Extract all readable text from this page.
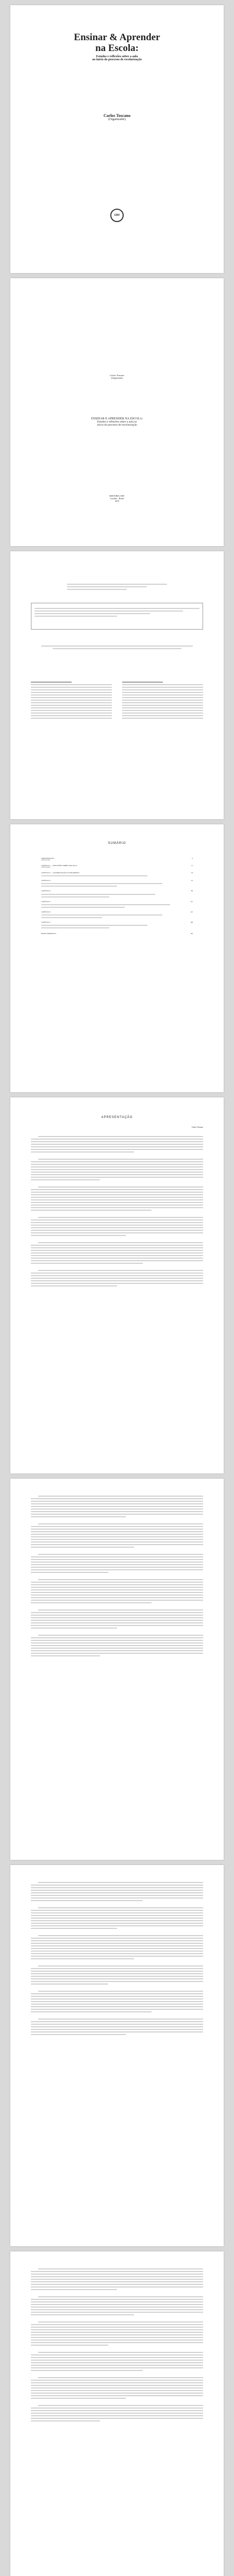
Ensinar & Aprender
na Escola:
Estudos e reflexões sobre a aula
no início do processo de escolarização
Carlos Toscano
(Organizador)
CRV
Carlos Toscano
(Organizador)
ENSINAR E APRENDER NA ESCOLA:
Estudos e reflexões sobre a aula no
início do processo de escolarização
EDITORA CRV
Curitiba – Brasil
2019
SUMÁRIO
APRESENTAÇÃO	9
Carlos Toscano
CAPÍTULO 1 — REFLEXÕES SOBRE UMA AULA	13
Carlos Toscano
CAPÍTULO 2 — ALFABETIZAÇÃO E LETRAMENTO	33
CAPÍTULO 3	61
CAPÍTULO 4	89
CAPÍTULO 5	115
CAPÍTULO 6	141
CAPÍTULO 7	169
ÍNDICE REMISSIVO	193
APRESENTAÇÃO
Carlos Toscano
